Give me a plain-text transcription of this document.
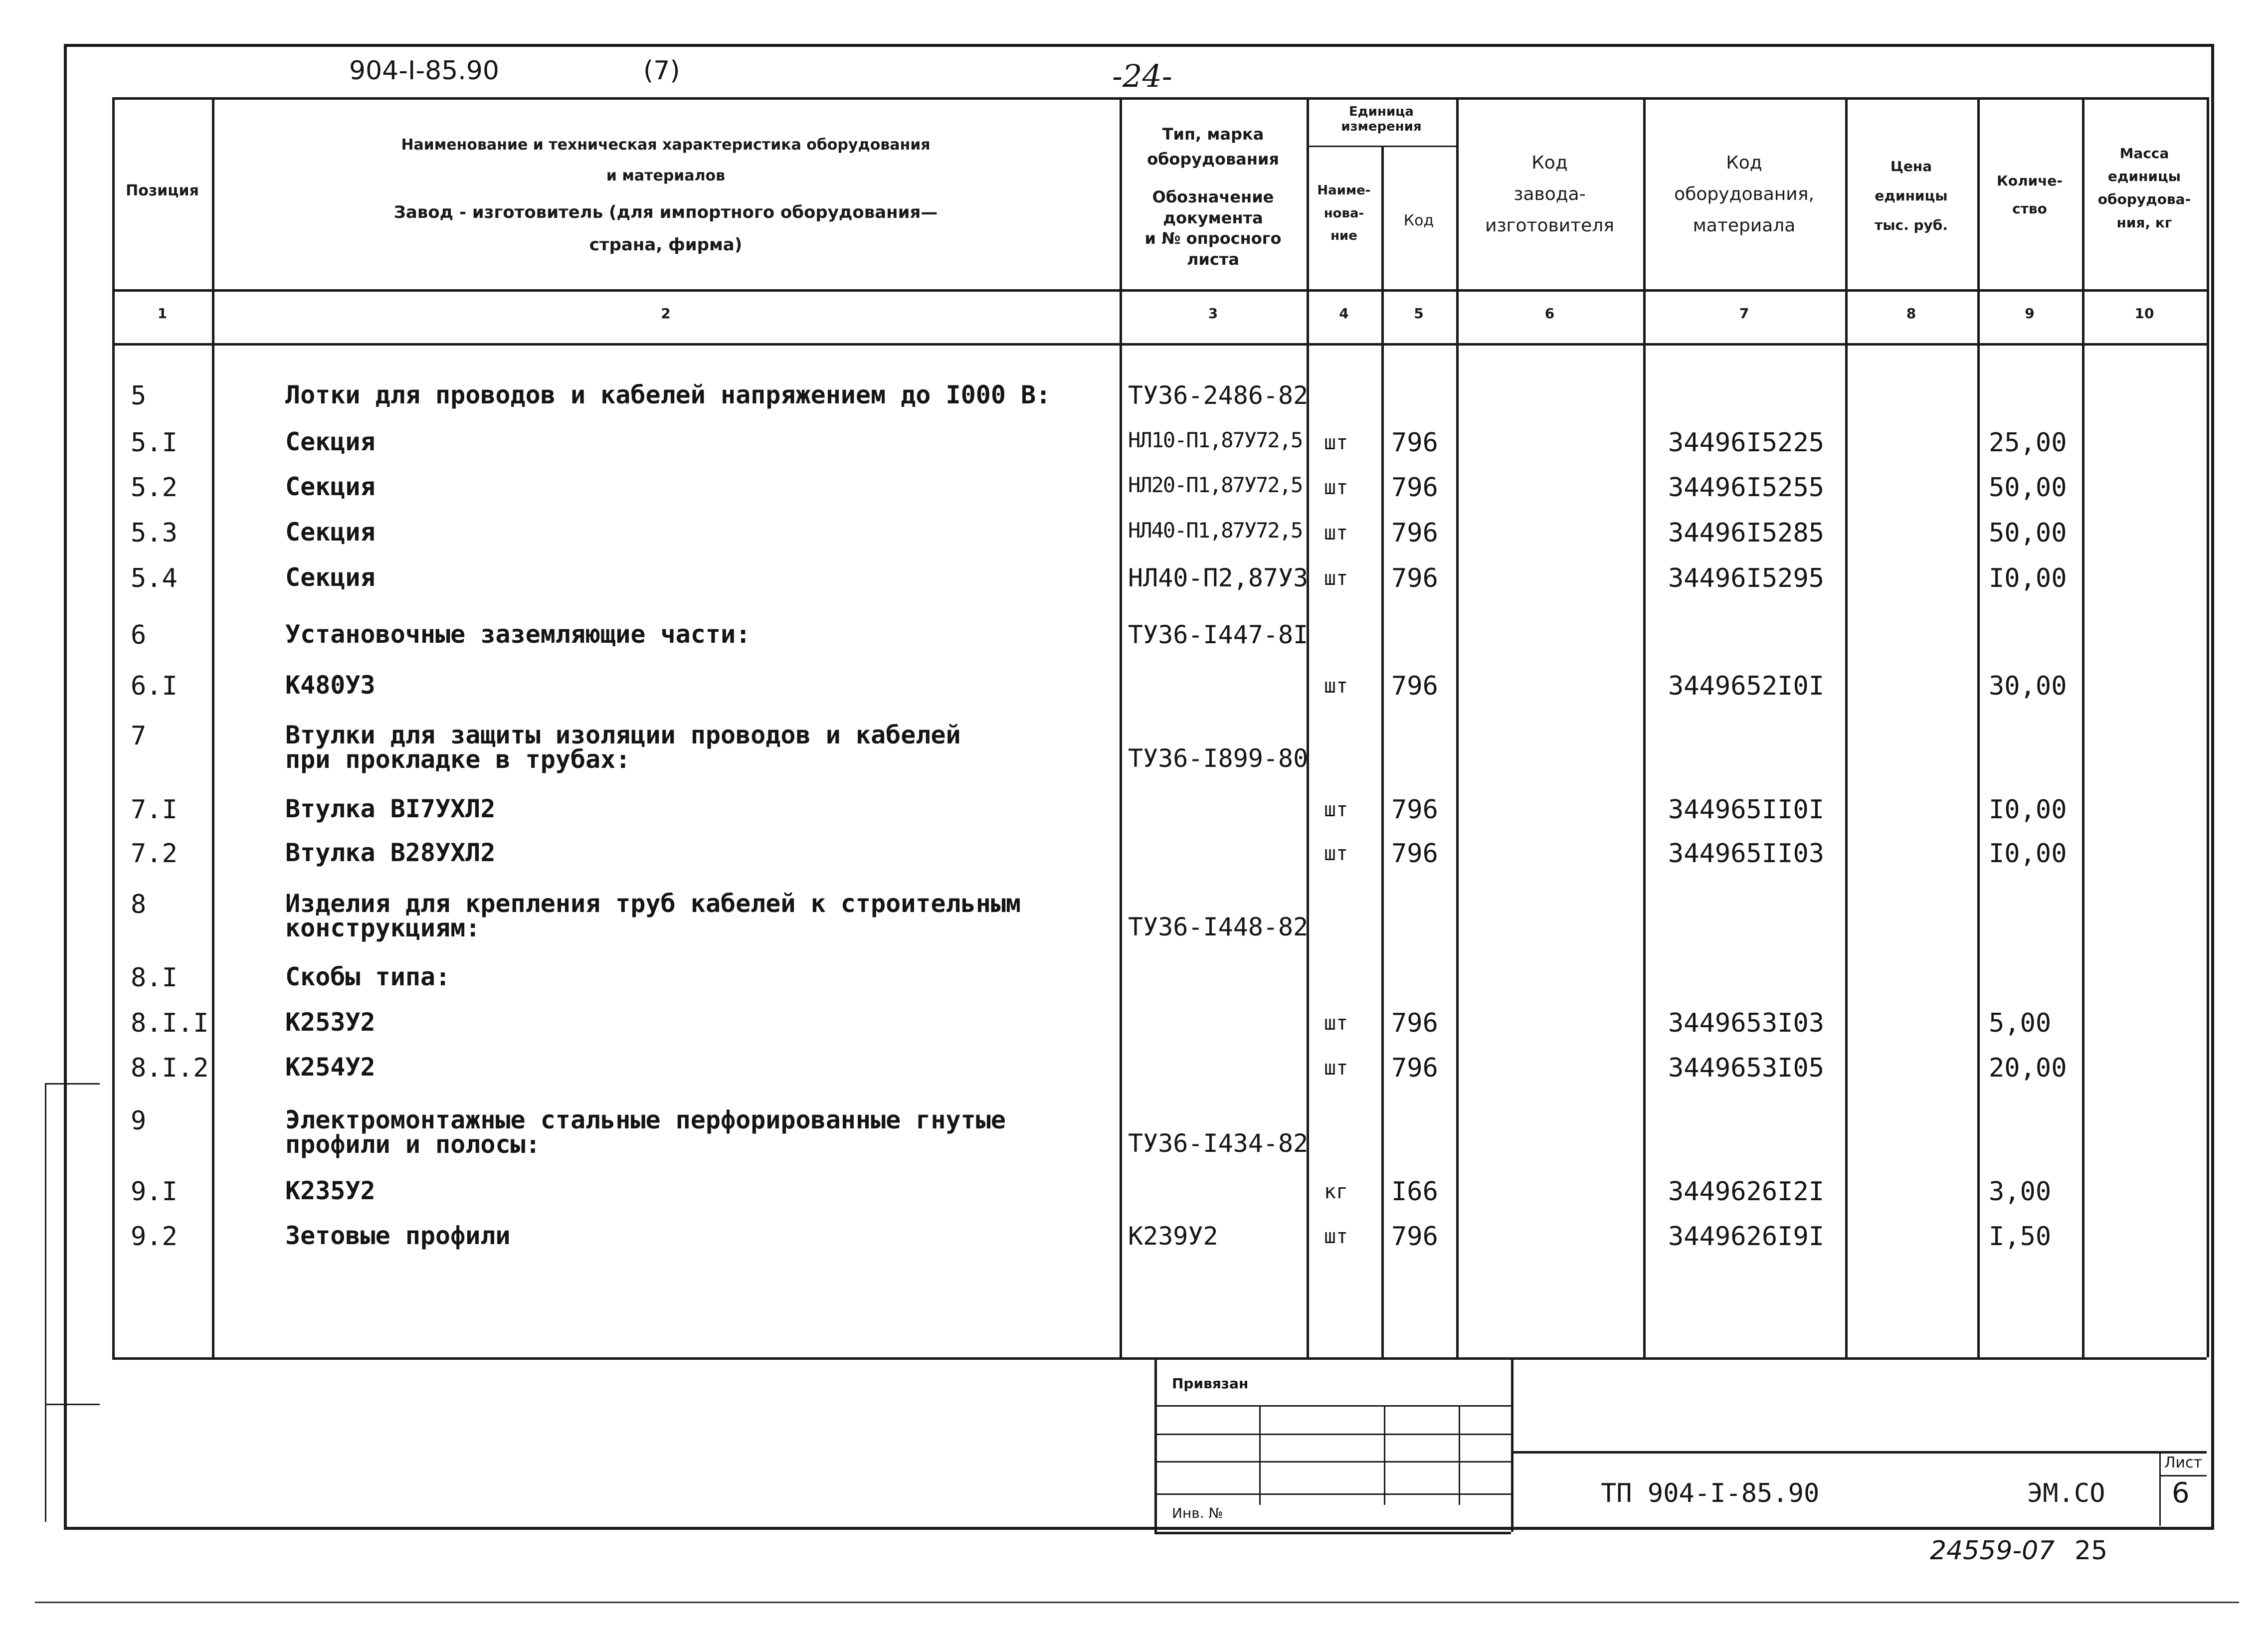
904-I-85.90	(7)	-24-
Позиция
Наименование и техническая характеристика оборудования
и материалов
Завод - изготовитель (для импортного оборудования—
страна, фирма)
Тип, марка
оборудования
Обозначение
документа
и № опросного
листа
Единица
измерения
Наиме-
нова-
ние
Код
Код
завода-
изготовителя
Код
оборудования,
материала
Цена
единицы
тыс. руб.
Количе-
ство
Масса
единицы
оборудова-
ния, кг
1	2	3	4	5	6	7	8	9	10
5	Лотки для проводов и кабелей напряжением до I000 В:	ТУ36-2486-82
5.I	Секция	НЛ10-П1,87У72,5 шт 796	34496I5225	25,00
5.2	Секция	НЛ20-П1,87У72,5 шт 796	34496I5255	50,00
5.3	Секция	НЛ40-П1,87У72,5 шт 796	34496I5285	50,00
5.4	Секция	НЛ40-П2,87У3 шт 796	34496I5295	I0,00
6	Установочные заземляющие части:	ТУ36-I447-8I
6.I	К480У3	шт 796	3449652I0I	30,00
7	Втулки для защиты изоляции проводов и кабелей
при прокладке в трубах:	ТУ36-I899-80
7.I	Втулка ВI7УХЛ2	шт 796	344965II0I	I0,00
7.2	Втулка В28УХЛ2	шт 796	344965II03	I0,00
8	Изделия для крепления труб кабелей к строительным
конструкциям:	ТУ36-I448-82
8.I	Скобы типа:
8.I.I	К253У2	шт 796	3449653I03	5,00
8.I.2	К254У2	шт 796	3449653I05	20,00
9	Электромонтажные стальные перфорированные гнутые
профили и полосы:	ТУ36-I434-82
9.I	К235У2	кг I66	3449626I2I	3,00
9.2	Зетовые профили	К239У2	шт 796	3449626I9I	I,50
Привязан
Инв. №
ТП 904-I-85.90	ЭМ.СО
Лист
6
24559-07 25
